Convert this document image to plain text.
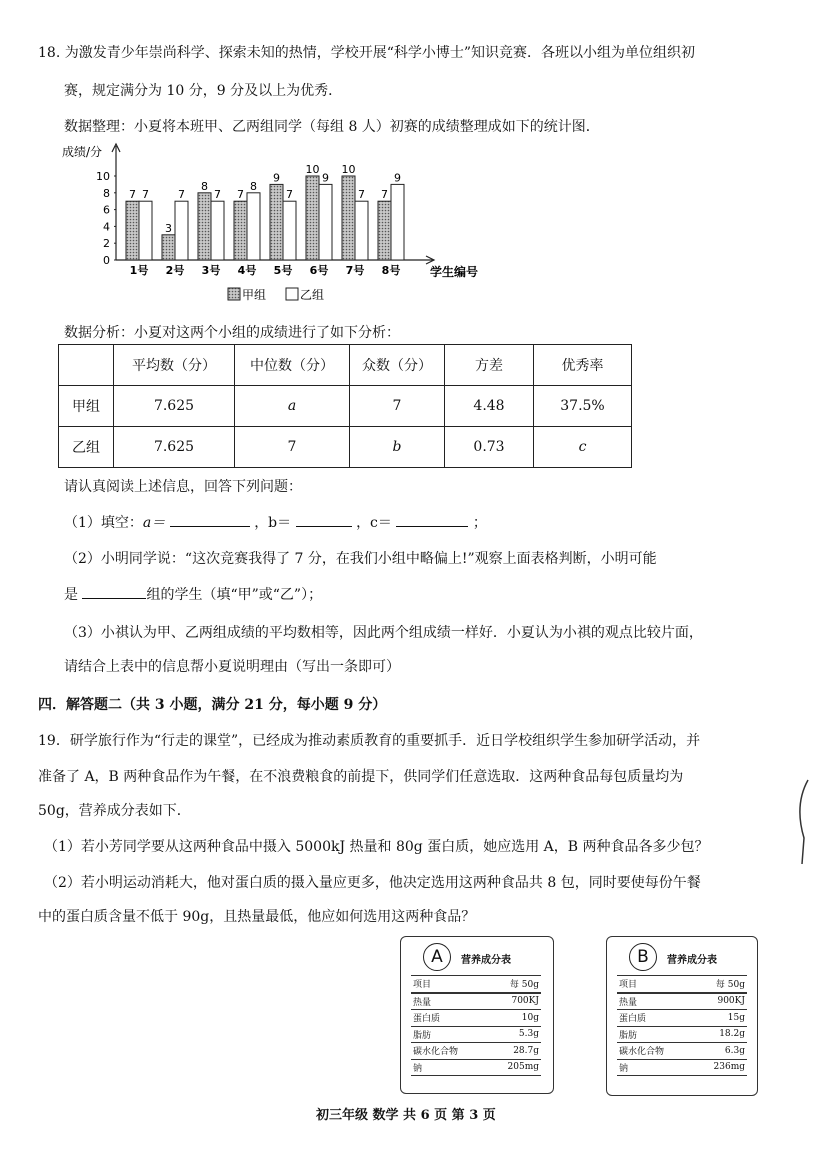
18. 为激发青少年崇尚科学、探索未知的热情，学校开展“科学小博士”知识竞赛．各班以小组为单位组织初
赛，规定满分为 10 分，9 分及以上为优秀．
数据整理：小夏将本班甲、乙两组同学（每组 8 人）初赛的成绩整理成如下的统计图．
成绩/分
学生编号
0
2
4
6
8
10
7 7
1号
3
7
2号
8
7
3号
7
8
4号
9
7
5号
10
9
6号
10
7
7号
7
9
8号
甲组	乙组
数据分析：小夏对这两个小组的成绩进行了如下分析：
	平均数（分）	中位数（分）	众数（分）	方差	优秀率
甲组	7.625	a	7	4.48	37.5%
乙组	7.625	7	b	0.73	c
请认真阅读上述信息，回答下列问题：
（1）填空：a＝	，b＝	，c＝	；
（2）小明同学说：“这次竞赛我得了 7 分，在我们小组中略偏上!”观察上面表格判断，小明可能
是	组的学生（填“甲”或“乙”）；
（3）小祺认为甲、乙两组成绩的平均数相等，因此两个组成绩一样好．小夏认为小祺的观点比较片面，
请结合上表中的信息帮小夏说明理由（写出一条即可）
四．解答题二（共 3 小题，满分 21 分，每小题 9 分）
19．研学旅行作为“行走的课堂”，已经成为推动素质教育的重要抓手．近日学校组织学生参加研学活动，并
准备了 A，B 两种食品作为午餐，在不浪费粮食的前提下，供同学们任意选取．这两种食品每包质量均为
50g，营养成分表如下．
（1）若小芳同学要从这两种食品中摄入 5000kJ 热量和 80g 蛋白质，她应选用 A，B 两种食品各多少包？
（2）若小明运动消耗大，他对蛋白质的摄入量应更多，他决定选用这两种食品共 8 包，同时要使每份午餐
中的蛋白质含量不低于 90g，且热量最低，他应如何选用这两种食品？
A	营养成分表
项目	每 50g
热量	700KJ
蛋白质	10g
脂肪	5.3g
碳水化合物	28.7g
钠	205mg
B	营养成分表
项目	每 50g
热量	900KJ
蛋白质	15g
脂肪	18.2g
碳水化合物	6.3g
钠	236mg
初三年级 数学 共 6 页 第 3 页
